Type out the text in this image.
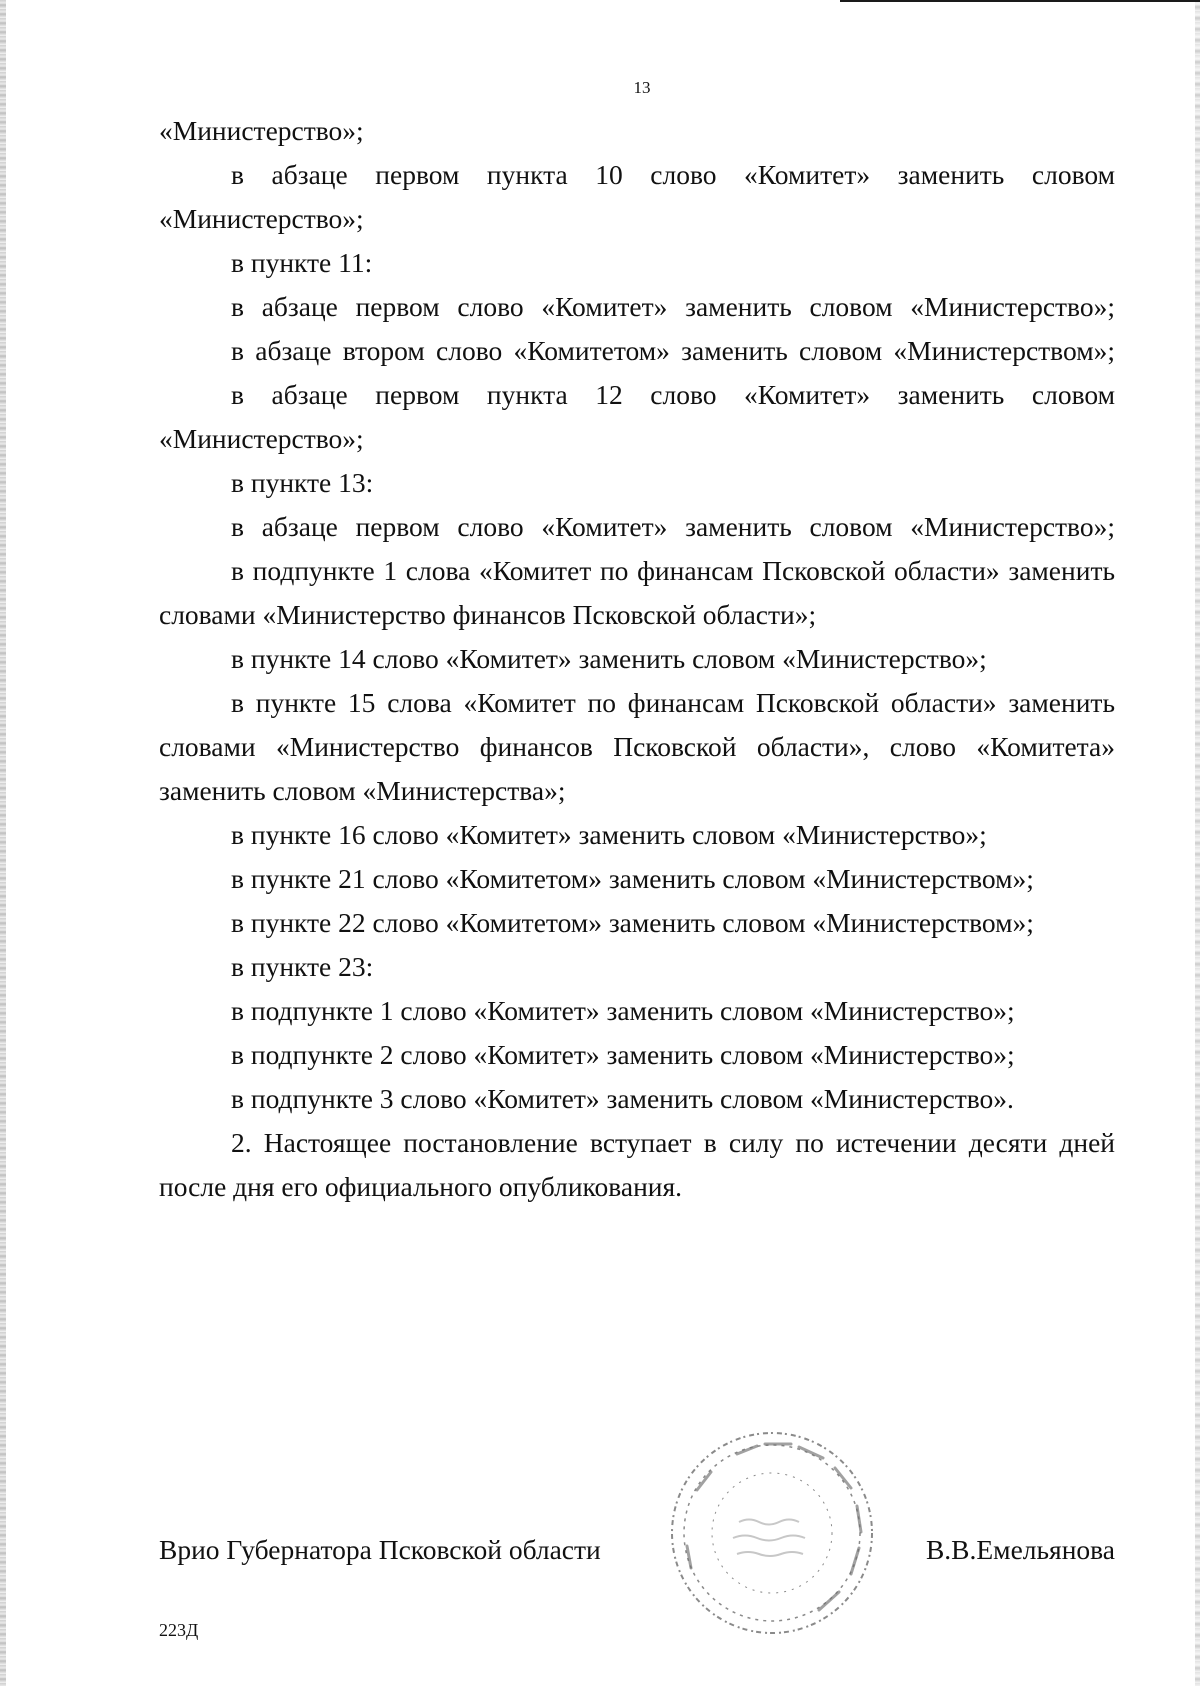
13

«Министерство»;

в абзаце первом пункта 10 слово «Комитет» заменить словом «Министерство»;

в пункте 11:

в абзаце первом слово «Комитет» заменить словом «Министерство»;

в абзаце втором слово «Комитетом» заменить словом «Министерством»;

в абзаце первом пункта 12 слово «Комитет» заменить словом «Министерство»;

в пункте 13:

в абзаце первом слово «Комитет» заменить словом «Министерство»;

в подпункте 1 слова «Комитет по финансам Псковской области» заменить словами «Министерство финансов Псковской области»;

в пункте 14 слово «Комитет» заменить словом «Министерство»;

в пункте 15 слова «Комитет по финансам Псковской области» заменить словами «Министерство финансов Псковской области», слово «Комитета» заменить словом «Министерства»;

в пункте 16 слово «Комитет» заменить словом «Министерство»;

в пункте 21 слово «Комитетом» заменить словом «Министерством»;

в пункте 22 слово «Комитетом» заменить словом «Министерством»;

в пункте 23:

в подпункте 1 слово «Комитет» заменить словом «Министерство»;

в подпункте 2 слово «Комитет» заменить словом «Министерство»;

в подпункте 3 слово «Комитет» заменить словом «Министерство».

2. Настоящее постановление вступает в силу по истечении десяти дней после дня его официального опубликования.

Врио Губернатора Псковской области	В.В.Емельянова
223Д
